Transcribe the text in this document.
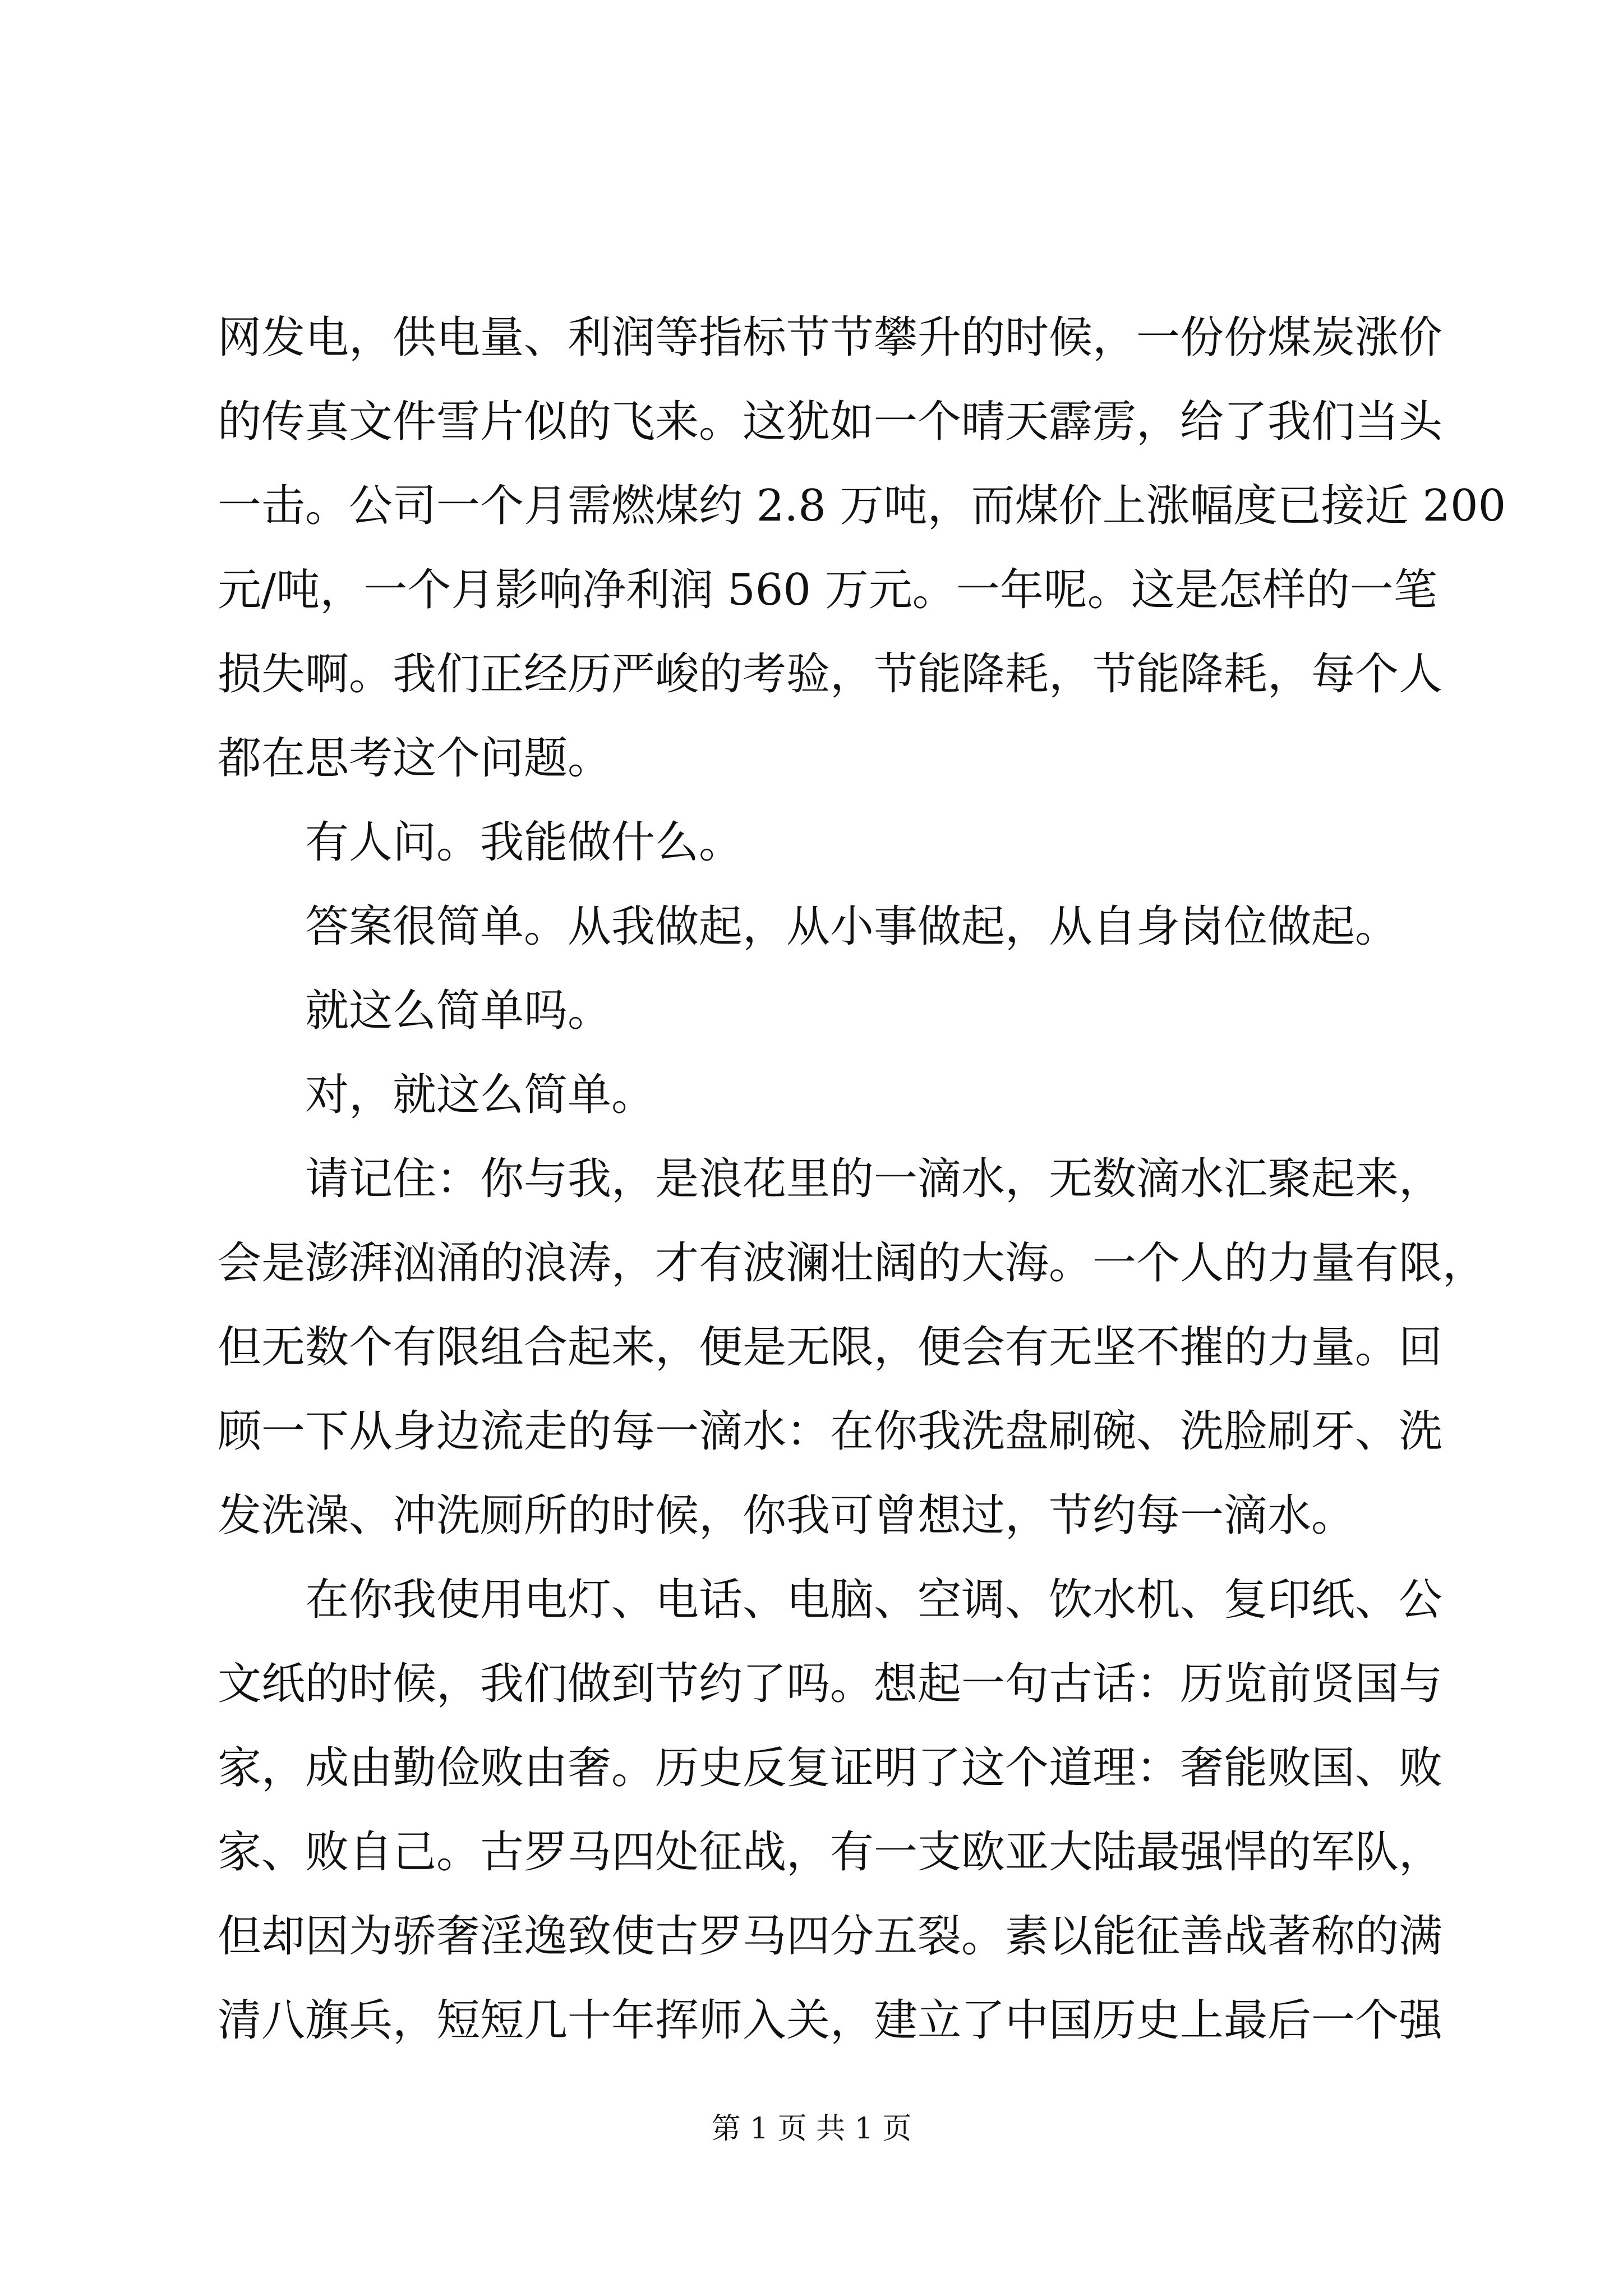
网发电，供电量、利润等指标节节攀升的时候，一份份煤炭涨价
的传真文件雪片似的飞来。这犹如一个晴天霹雳，给了我们当头
一击。公司一个月需燃煤约 2.8 万吨，而煤价上涨幅度已接近 200
元/吨，一个月影响净利润 560 万元。一年呢。这是怎样的一笔
损失啊。我们正经历严峻的考验，节能降耗，节能降耗，每个人
都在思考这个问题。
有人问。我能做什么。
答案很简单。从我做起，从小事做起，从自身岗位做起。
就这么简单吗。
对，就这么简单。
请记住：你与我，是浪花里的一滴水，无数滴水汇聚起来，
会是澎湃汹涌的浪涛，才有波澜壮阔的大海。一个人的力量有限，
但无数个有限组合起来，便是无限，便会有无坚不摧的力量。回
顾一下从身边流走的每一滴水：在你我洗盘刷碗、洗脸刷牙、洗
发洗澡、冲洗厕所的时候，你我可曾想过，节约每一滴水。
在你我使用电灯、电话、电脑、空调、饮水机、复印纸、公
文纸的时候，我们做到节约了吗。想起一句古话：历览前贤国与
家，成由勤俭败由奢。历史反复证明了这个道理：奢能败国、败
家、败自己。古罗马四处征战，有一支欧亚大陆最强悍的军队，
但却因为骄奢淫逸致使古罗马四分五裂。素以能征善战著称的满
清八旗兵，短短几十年挥师入关，建立了中国历史上最后一个强
第 1 页 共 1 页
